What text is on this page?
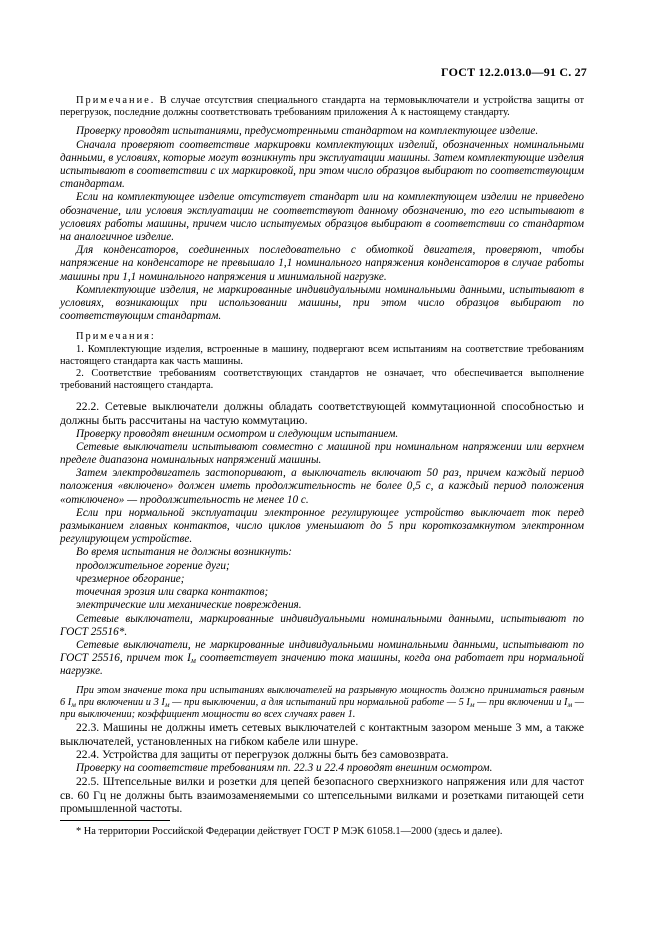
ГОСТ 12.2.013.0—91 С. 27

Примечание. В случае отсутствия специального стандарта на термовыключатели и устройства защиты от перегрузок, последние должны соответствовать требованиям приложения А к настоящему стандарту.

Проверку проводят испытаниями, предусмотренными стандартом на комплектующее изделие.

Сначала проверяют соответствие маркировки комплектующих изделий, обозначенных номинальными данными, в условиях, которые могут возникнуть при эксплуатации машины. Затем комплектующие изделия испытывают в соответствии с их маркировкой, при этом число образцов выбирают по соответствующим стандартам.

Если на комплектующее изделие отсутствует стандарт или на комплектующем изделии не приведено обозначение, или условия эксплуатации не соответствуют данному обозначению, то его испытывают в условиях работы машины, причем число испытуемых образцов выбирают в соответствии со стандартом на аналогичное изделие.

Для конденсаторов, соединенных последовательно с обмоткой двигателя, проверяют, чтобы напряжение на конденсаторе не превышало 1,1 номинального напряжения конденсаторов в случае работы машины при 1,1 номинального напряжения и минимальной нагрузке.

Комплектующие изделия, не маркированные индивидуальными номинальными данными, испытывают в условиях, возникающих при использовании машины, при этом число образцов выбирают по соответствующим стандартам.

Примечания:

1. Комплектующие изделия, встроенные в машину, подвергают всем испытаниям на соответствие требованиям настоящего стандарта как часть машины.

2. Соответствие требованиям соответствующих стандартов не означает, что обеспечивается выполнение требований настоящего стандарта.

22.2. Сетевые выключатели должны обладать соответствующей коммутационной способностью и должны быть рассчитаны на частую коммутацию.

Проверку проводят внешним осмотром и следующим испытанием.

Сетевые выключатели испытывают совместно с машиной при номинальном напряжении или верхнем пределе диапазона номинальных напряжений машины.

Затем электродвигатель застопоривают, а выключатель включают 50 раз, причем каждый период положения «включено» должен иметь продолжительность не более 0,5 с, а каждый период положения «отключено» — продолжительность не менее 10 с.

Если при нормальной эксплуатации электронное регулирующее устройство выключает ток перед размыканием главных контактов, число циклов уменьшают до 5 при короткозамкнутом электронном регулирующем устройстве.

Во время испытания не должны возникнуть:

продолжительное горение дуги;

чрезмерное обгорание;

точечная эрозия или сварка контактов;

электрические или механические повреждения.

Сетевые выключатели, маркированные индивидуальными номинальными данными, испытывают по ГОСТ 25516*.

Сетевые выключатели, не маркированные индивидуальными номинальными данными, испытывают по ГОСТ 25516, причем ток $I_м$ соответствует значению тока машины, когда она работает при нормальной нагрузке.

При этом значение тока при испытаниях выключателей на разрывную мощность должно приниматься равным 6 $I_м$ при включении и 3 $I_м$ — при выключении, а для испытаний при нормальной работе — 5 $I_м$ — при включении и $I_м$ — при выключении; коэффициент мощности во всех случаях равен 1.

22.3. Машины не должны иметь сетевых выключателей с контактным зазором меньше 3 мм, а также выключателей, установленных на гибком кабеле или шнуре.

22.4. Устройства для защиты от перегрузок должны быть без самовозврата.

Проверку на соответствие требованиям пп. 22.3 и 22.4 проводят внешним осмотром.

22.5. Штепсельные вилки и розетки для цепей безопасного сверхнизкого напряжения или для частот св. 60 Гц не должны быть взаимозаменяемыми со штепсельными вилками и розетками питающей сети промышленной частоты.

* На территории Российской Федерации действует ГОСТ Р МЭК 61058.1—2000 (здесь и далее).
